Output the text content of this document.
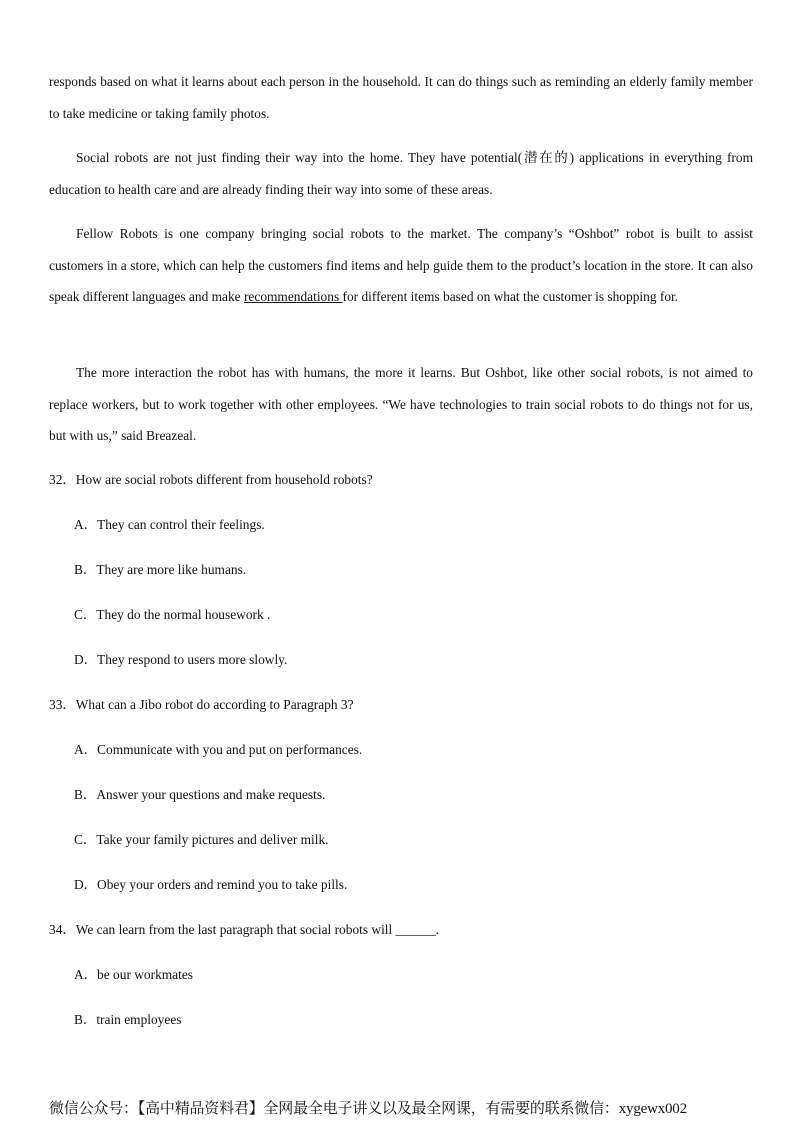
responds based on what it learns about each person in the household. It can do things such as reminding an elderly family member to take medicine or taking family photos.

Social robots are not just finding their way into the home. They have potential(潜在的) applications in everything from education to health care and are already finding their way into some of these areas.

Fellow Robots is one company bringing social robots to the market. The company’s “Oshbot” robot is built to assist customers in a store, which can help the customers find items and help guide them to the product’s location in the store. It can also speak different languages and make recommendations for different items based on what the customer is shopping for.

The more interaction the robot has with humans, the more it learns. But Oshbot, like other social robots, is not aimed to replace workers, but to work together with other employees. “We have technologies to train social robots to do things not for us, but with us,” said Breazeal.

32．How are social robots different from household robots?

A．They can control their feelings.

B．They are more like humans.

C．They do the normal housework .

D．They respond to users more slowly.

33．What can a Jibo robot do according to Paragraph 3?

A．Communicate with you and put on performances.

B．Answer your questions and make requests.

C．Take your family pictures and deliver milk.

D．Obey your orders and remind you to take pills.

34．We can learn from the last paragraph that social robots will ______.

A．be our workmates

B．train employees

微信公众号：【高中精品资料君】全网最全电子讲义以及最全网课，有需要的联系微信：xygewx002
